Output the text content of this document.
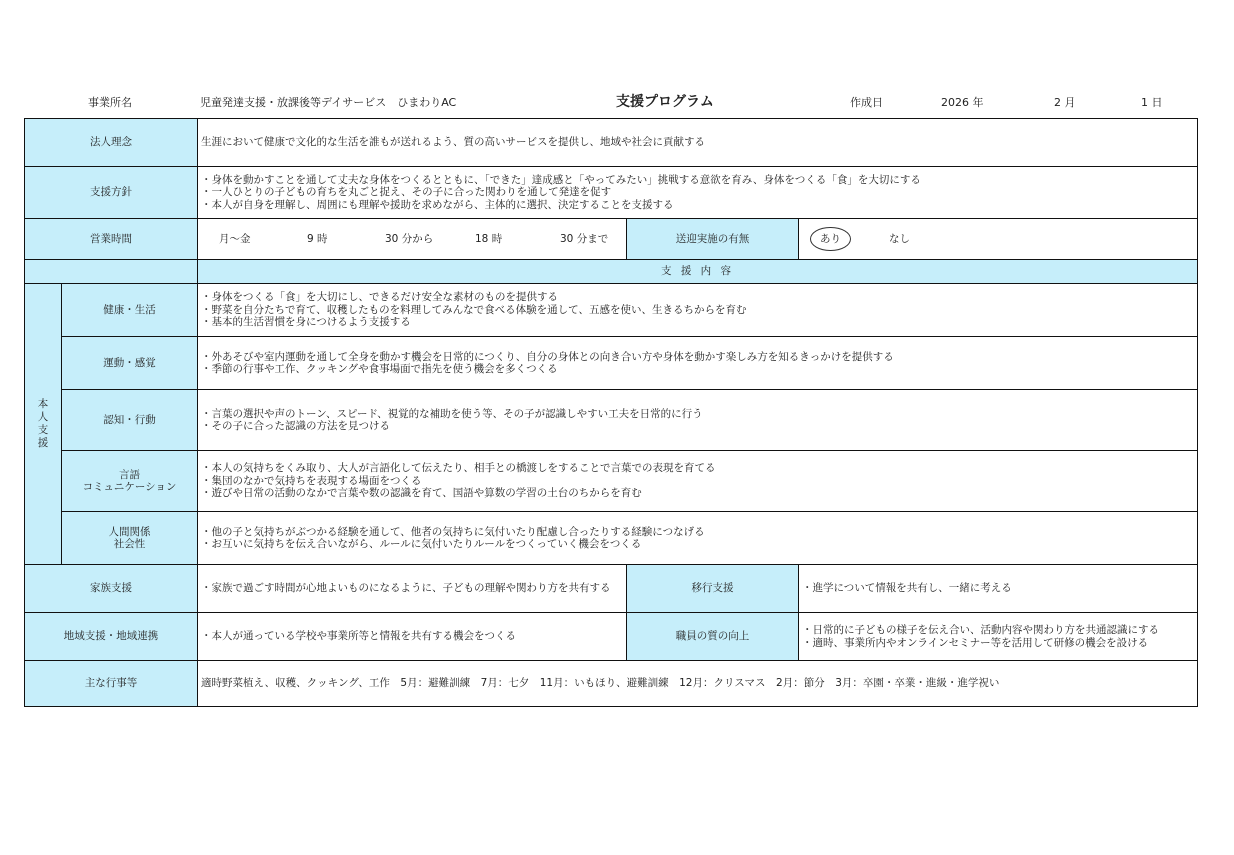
事業所名	児童発達支援・放課後等デイサービス　ひまわりAC	支援プログラム	作成日	2026 年	2 月	1 日
法人理念		生涯において健康で文化的な生活を誰もが送れるよう、質の高いサービスを提供し、地域や社会に貢献する		
支援方針		・身体を動かすことを通して丈夫な身体をつくるとともに、「できた」達成感と「やってみたい」挑戦する意欲を育み、身体をつくる「食」を大切にする
・一人ひとりの子どもの育ちを丸ごと捉え、その子に合った関わりを通して発達を促す
・本人が自身を理解し、周囲にも理解や援助を求めながら、主体的に選択、決定することを支援する		

営業時間		月〜金 9 時 30 分から 18 時 30 分まで	送迎実施の有無	あり なし

		支 援 内 容		
本人支援	健康・生活	・身体をつくる「食」を大切にし、できるだけ安全な素材のものを提供する
・野菜を自分たちで育て、収穫したものを料理してみんなで食べる体験を通して、五感を使い、生きるちからを育む
・基本的生活習慣を身につけるよう支援する		

	運動・感覚	・外あそびや室内運動を通して全身を動かす機会を日常的につくり、自分の身体との向き合い方や身体を動かす楽しみ方を知るきっかけを提供する
・季節の行事や工作、クッキングや食事場面で指先を使う機会を多くつくる		

	認知・行動	・言葉の選択や声のトーン、スピード、視覚的な補助を使う等、その子が認識しやすい工夫を日常的に行う
・その子に合った認識の方法を見つける		

	言語
コミュニケーション	・本人の気持ちをくみ取り、大人が言語化して伝えたり、相手との橋渡しをすることで言葉での表現を育てる
・集団のなかで気持ちを表現する場面をつくる
・遊びや日常の活動のなかで言葉や数の認識を育て、国語や算数の学習の土台のちからを育む		

	人間関係
社会性	・他の子と気持ちがぶつかる経験を通して、他者の気持ちに気付いたり配慮し合ったりする経験につなげる
・お互いに気持ちを伝え合いながら、ルールに気付いたりルールをつくっていく機会をつくる		

家族支援		・家族で過ごす時間が心地よいものになるように、子どもの理解や関わり方を共有する	移行支援	・進学について情報を共有し、一緒に考える
地域支援・地域連携		・本人が通っている学校や事業所等と情報を共有する機会をつくる	職員の質の向上	・日常的に子どもの様子を伝え合い、活動内容や関わり方を共通認識にする
・適時、事業所内やオンラインセミナー等を活用して研修の機会を設ける

主な行事等		適時野菜植え、収穫、クッキング、工作　5月：避難訓練　7月：七夕　11月：いもほり、避難訓練　12月：クリスマス　2月：節分　3月：卒園・卒業・進級・進学祝い		
